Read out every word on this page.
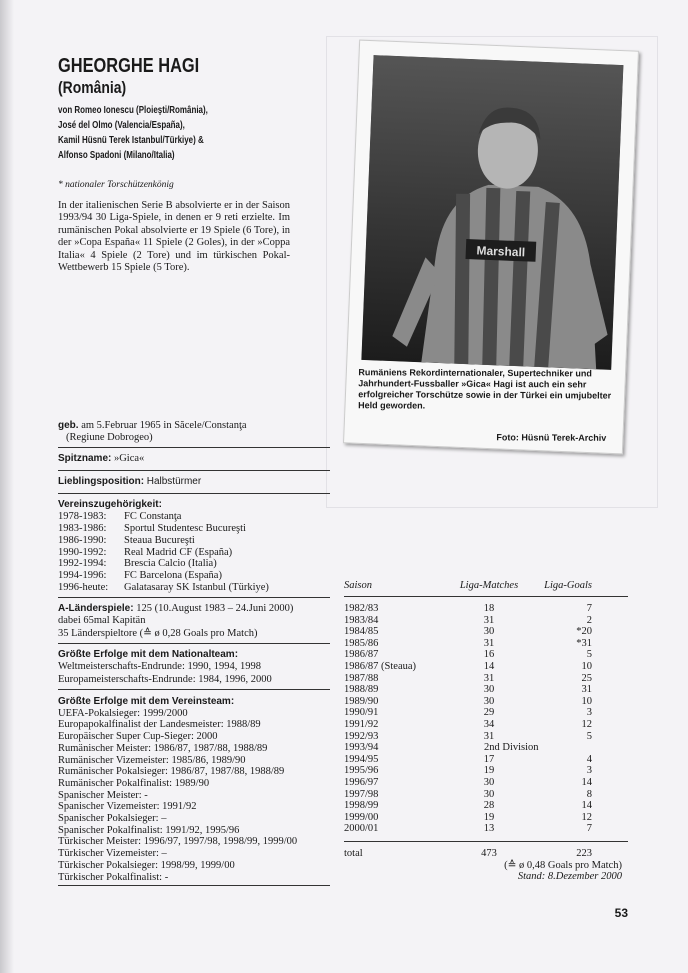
GHEORGHE HAGI
(România)
von Romeo Ionescu (Ploieşti/România),
José del Olmo (Valencia/España),
Kamil Hüsnü Terek Istanbul/Türkiye) &
Alfonso Spadoni (Milano/Italia)
* nationaler Torschützenkönig
In der italienischen Serie B absolvierte er in der Saison 1993/94 30 Liga-Spiele, in denen er 9 reti erzielte. Im rumänischen Pokal absolvierte er 19 Spiele (6 Tore), in der »Copa España« 11 Spiele (2 Goles), in der »Coppa Italia« 4 Spiele (2 Tore) und im türkischen Pokal-Wettbewerb 15 Spiele (5 Tore).
Marshall
Rumäniens Rekordinternationaler, Supertechniker und Jahrhundert-Fussballer »Gica« Hagi ist auch ein sehr erfolgreicher Torschütze sowie in der Türkei ein umjubelter Held geworden.
Foto: Hüsnü Terek-Archiv
geb. am 5.Februar 1965 in Săcele/Constanţa
(Regiune Dobrogeo)
Spitzname: »Gica«
Lieblingsposition: Halbstürmer
Vereinszugehörigkeit:
1978-1983:	FC Constanţa
1983-1986:	Sportul Studentesc Bucureşti
1986-1990:	Steaua Bucureşti
1990-1992:	Real Madrid CF (España)
1992-1994:	Brescia Calcio (Italia)
1994-1996:	FC Barcelona (España)
1996-heute:	Galatasaray SK Istanbul (Türkiye)
A-Länderspiele: 125 (10.August 1983 – 24.Juni 2000)
dabei 65mal Kapitän
35 Länderspieltore (≙ ø 0,28 Goals pro Match)
Größte Erfolge mit dem Nationalteam:
Weltmeisterschafts-Endrunde: 1990, 1994, 1998
Europameisterschafts-Endrunde: 1984, 1996, 2000
Größte Erfolge mit dem Vereinsteam:
UEFA-Pokalsieger: 1999/2000
Europapokalfinalist der Landesmeister: 1988/89
Europäischer Super Cup-Sieger: 2000
Rumänischer Meister: 1986/87, 1987/88, 1988/89
Rumänischer Vizemeister: 1985/86, 1989/90
Rumänischer Pokalsieger: 1986/87, 1987/88, 1988/89
Rumänischer Pokalfinalist: 1989/90
Spanischer Meister: -
Spanischer Vizemeister: 1991/92
Spanischer Pokalsieger: –
Spanischer Pokalfinalist: 1991/92, 1995/96
Türkischer Meister: 1996/97, 1997/98, 1998/99, 1999/00
Türkischer Vizemeister: –
Türkischer Pokalsieger: 1998/99, 1999/00
Türkischer Pokalfinalist: -
Saison	Liga-Matches	Liga-Goals
1982/83	18	7
1983/84	31	2
1984/85	30	*20
1985/86	31	*31
1986/87	16	5
1986/87 (Steaua)	14	10
1987/88	31	25
1988/89	30	31
1989/90	30	10
1990/91	29	3
1991/92	34	12
1992/93	31	5
1993/94	2nd Division
1994/95	17	4
1995/96	19	3
1996/97	30	14
1997/98	30	8
1998/99	28	14
1999/00	19	12
2000/01	13	7
total	473	223
(≙ ø 0,48 Goals pro Match)
Stand: 8.Dezember 2000
53
